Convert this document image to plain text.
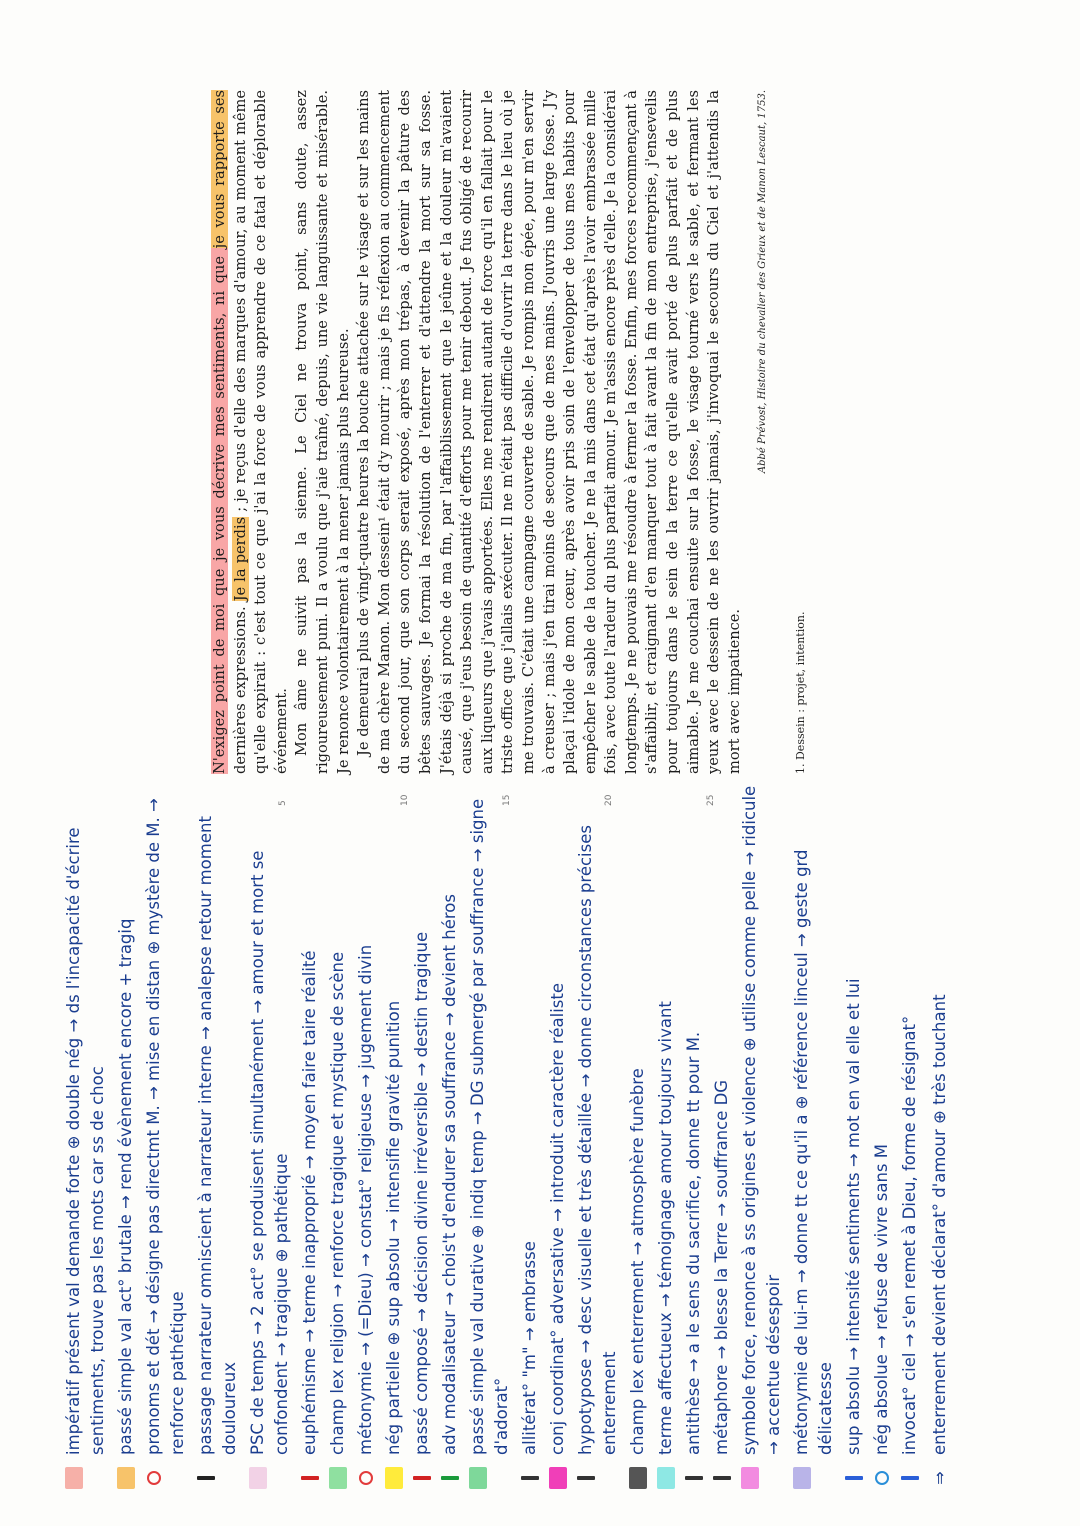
N'exigez point de moi que je vous décrive mes sentiments, ni que je vous rapporte ses dernières expressions. Je la perdis ; je reçus d'elle des marques d'amour, au moment même qu'elle expirait : c'est tout ce que j'ai la force de vous apprendre de ce fatal et déplorable événement. Mon âme ne suivit pas la sienne. Le Ciel ne trouva point, sans doute, assez rigoureusement puni. Il a voulu que j'aie traîné, depuis, une vie languissante et misérable. Je renonce volontairement à la mener jamais plus heureuse. Je demeurai plus de vingt-quatre heures la bouche attachée sur le visage et sur les mains de ma chère Manon. Mon dessein¹ était d'y mourir ; mais je fis réflexion au commencement du second jour, que son corps serait exposé, après mon trépas, à devenir la pâture des bêtes sauvages. Je formai la résolution de l'enterrer et d'attendre la mort sur sa fosse. J'étais déjà si proche de ma fin, par l'affaiblissement que le jeûne et la douleur m'avaient causé, que j'eus besoin de quantité d'efforts pour me tenir debout. Je fus obligé de recourir aux liqueurs que j'avais apportées. Elles me rendirent autant de force qu'il en fallait pour le triste office que j'allais exécuter. Il ne m'était pas difficile d'ouvrir la terre dans le lieu où je me trouvais. C'était une campagne couverte de sable. Je rompis mon épée, pour m'en servir à creuser ; mais j'en tirai moins de secours que de mes mains. J'ouvris une large fosse. J'y plaçai l'idole de mon cœur, après avoir pris soin de l'envelopper de tous mes habits pour empêcher le sable de la toucher. Je ne la mis dans cet état qu'après l'avoir embrassée mille fois, avec toute l'ardeur du plus parfait amour. Je m'assis encore près d'elle. Je la considérai longtemps. Je ne pouvais me résoudre à fermer la fosse. Enfin, mes forces recommençant à s'affaiblir, et craignant d'en manquer tout à fait avant la fin de mon entreprise, j'ensevelis pour toujours dans le sein de la terre ce qu'elle avait porté de plus parfait et de plus aimable. Je me couchai ensuite sur la fosse, le visage tourné vers le sable, et fermant les yeux avec le dessein de ne les ouvrir jamais, j'invoquai le secours du Ciel et j'attendis la mort avec impatience.

Abbé Prévost, Histoire du chevalier des Grieux et de Manon Lescaut, 1753.
1. Dessein : projet, intention.
5	10	15	20	25
impératif présent val demande forte ⊕ double nég → ds l'incapacité d'écrire sentiments, trouve pas les mots car ss de choc passé simple val act° brutale → rend évènement encore + tragiq pronoms et dét → désigne pas directmt M. → mise en distan ⊕ mystère de M. → renforce pathétique passage narrateur omniscient à narrateur interne → analepse retour moment douloureux PSC de temps → 2 act° se produisent simultanément → amour et mort se confondent → tragique ⊕ pathétique euphémisme → terme inapproprié → moyen faire taire réalité champ lex religion → renforce tragique et mystique de scène métonymie → (=Dieu) → constat° religieuse → jugement divin nég partielle ⊕ sup absolu → intensifie gravité punition passé composé → décision divine irréversible → destin tragique adv modalisateur → chois't d'endurer sa souffrance → devient héros passé simple val durative ⊕ indiq temp → DG submergé par souffrance → signe d'adorat° allitérat° "m" → embrasse conj coordinat° adversative → introduit caractère réaliste hypotypose → desc visuelle et très détaillée → donne circonstances précises enterrement champ lex enterrement → atmosphère funèbre terme affectueux → témoignage amour toujours vivant antithèse → a le sens du sacrifice, donne tt pour M. métaphore → blesse la Terre → souffrance DG symbole force, renonce à ss origines et violence ⊕ utilise comme pelle → ridicule → accentue désespoir métonymie de lui-m → donne tt ce qu'il a ⊕ référence linceul → geste grd délicatesse sup absolu → intensité sentiments → mot en val elle et lui nég absolue → refuse de vivre sans M invocat° ciel → s'en remet à Dieu, forme de résignat°
⇒
enterrement devient déclarat° d'amour ⊕ très touchant
